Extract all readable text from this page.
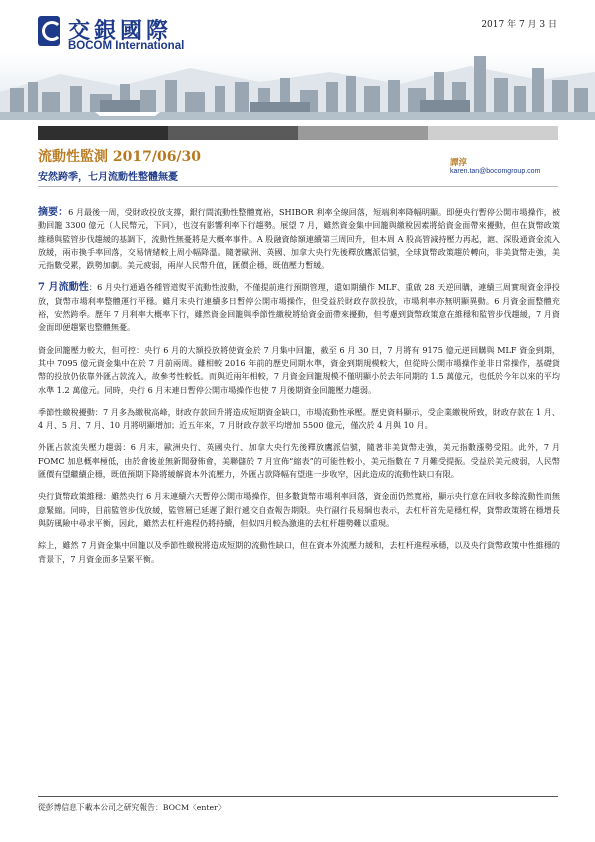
交銀國際
BOCOM International
2017 年 7 月 3 日
流動性監測 2017/06/30
安然跨季，七月流動性整體無憂
譚淳
karen.tan@bocomgroup.com

摘要：6 月最後一周，受財政投放支撐，銀行間流動性整體寬裕，SHIBOR 利率全線回落，短端利率降幅明顯。即便央行暫停公開市場操作，被動回籠 3300 億元（人民幣元，下同），也沒有影響利率下行趨勢。展望 7 月，雖然資金集中回籠與繳稅因素將給資金面帶來擾動，但在貨幣政策維穩與監管步伐趨緩的基調下，流動性無憂將是大概率事件。A 股融資餘額連續第三周回升，但本周 A 股高管減持壓力再起，滬、深股通資金流入放緩，兩市換手率回落，交易情緒較上周小幅降溫。隨著歐洲、英國、加拿大央行先後釋放鷹派信號，全球貨幣政策趨於轉向，非美貨幣走強，美元指數受累，跌勢加劇。美元疲弱，兩岸人民幣升值，匯價企穩，既值壓力暫緩。

7 月流動性：6 月央行通過各種管道熨平流動性波動，不僅提前進行預期管理，還如期續作 MLF、重啟 28 天逆回購，連續三周實現資金淨投放，貨幣市場利率整體運行平穩。雖月末央行連續多日暫停公開市場操作，但受益於財政存款投放，市場利率亦無明顯異動。6 月資金面整體充裕，安然跨季。歷年 7 月利率大概率下行，雖然資金回籠與季節性繳稅將給資金面帶來擾動，但考慮到貨幣政策意在維穩和監管步伐趨緩，7 月資金面即便趨緊也整體無憂。

資金回籠壓力較大，但可控：央行 6 月的大額投放將使資金於 7 月集中回籠，截至 6 月 30 日，7 月將有 9175 億元逆回購與 MLF 資金到期，其中 7095 億元資金集中在於 7 月前兩周。雖相較 2016 年前的歷史同期水準，資金到期規模較大，但從時公開市場操作並非日常操作，基礎貨幣的投放仍依靠外匯占款流入，故參考性較低。而與近兩年相較，7 月資金回籠規模不僅明顯小於去年同期的 1.5 萬億元，也低於今年以來的平均水準 1.2 萬億元。同時，央行 6 月末連日暫停公開市場操作也使 7 月後期資金回籠壓力趨弱。

季節性繳稅擾動：7 月多為繳稅高峰，財政存款回升將造成短期資金缺口，市場流動性承壓。歷史資料顯示，受企業繳稅所致，財政存款在 1 月、4 月、5 月、7 月、10 月將明顯增加；近五年來，7 月財政存款平均增加 5500 億元，僅次於 4 月與 10 月。

外匯占款流失壓力趨弱：6 月末，歐洲央行、英國央行、加拿大央行先後釋放鷹派信號，隨著非美貨幣走強，美元指數漲勢受阻。此外，7 月 FOMC 加息概率極低，由於會後並無新聞發佈會，美聯儲於 7 月宣佈“縮表”的可能性較小，美元指數在 7 月難受提振。受益於美元疲弱，人民幣匯價有望繼續企穩，既值預期下降將緩解資本外流壓力，外匯占款降幅有望進一步收窄，因此造成的流動性缺口有限。

央行貨幣政策維穩：雖然央行 6 月末連續六天暫停公開市場操作，但多數貨幣市場利率回落，資金面仍然寬裕，顯示央行意在回收多餘流動性而無意緊縮。同時，目前監管步伐放緩，監管層已延遲了銀行遞交自查報告期限。央行副行長易綱也表示，去杠杆首先是穩杠桿，貨幣政策將在穩增長與防風險中尋求平衡，因此，雖然去杠杆進程仍將持續，但似四月較為激進的去杠杆趨勢難以重現。

綜上，雖然 7 月資金集中回籠以及季節性繳稅將造成短期的流動性缺口，但在資本外流壓力緩和，去杠杆進程承穩，以及央行貨幣政策中性維穩的背景下，7 月資金面多呈緊平衡。

從彭博信息下載本公司之研究報告：BOCM〈enter〉
